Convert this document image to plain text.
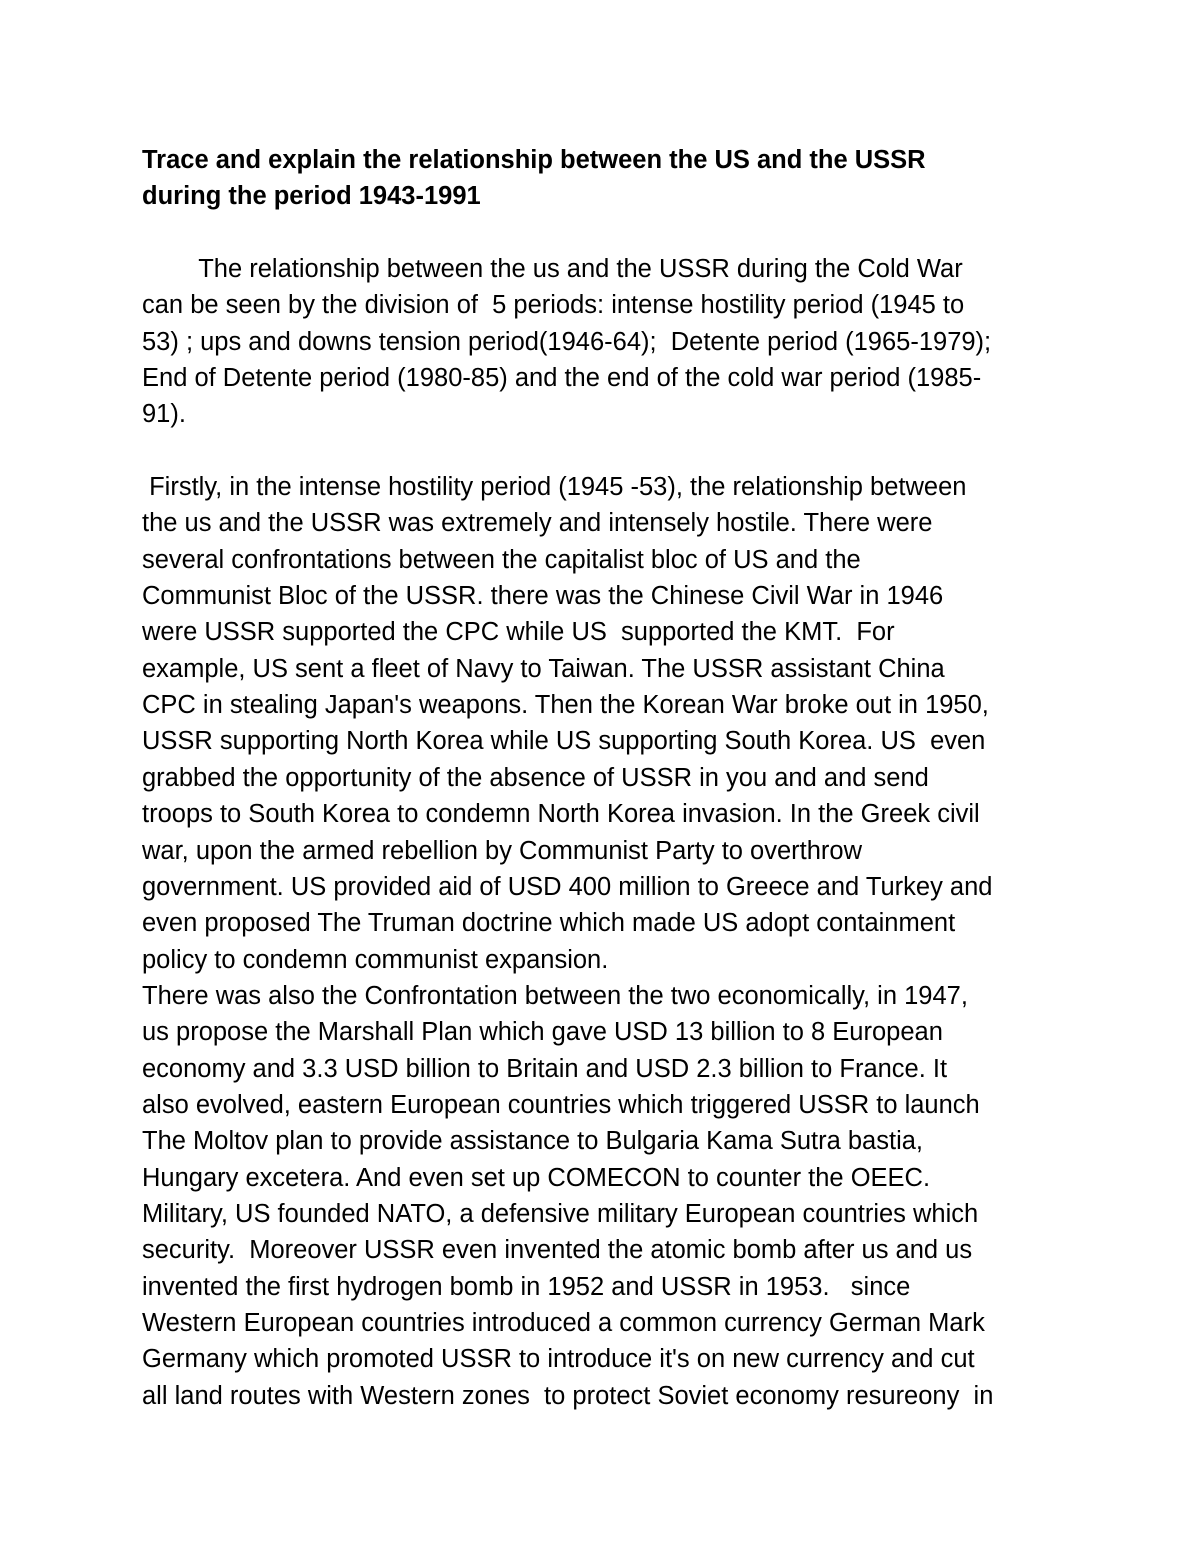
Trace and explain the relationship between the US and the USSR
during the period 1943-1991
The relationship between the us and the USSR during the Cold War
can be seen by the division of  5 periods: intense hostility period (1945 to
53) ; ups and downs tension period(1946-64);  Detente period (1965-1979);
End of Detente period (1980-85) and the end of the cold war period (1985-
91).
Firstly, in the intense hostility period (1945 -53), the relationship between
the us and the USSR was extremely and intensely hostile. There were
several confrontations between the capitalist bloc of US and the
Communist Bloc of the USSR. there was the Chinese Civil War in 1946
were USSR supported the CPC while US  supported the KMT.  For
example, US sent a fleet of Navy to Taiwan. The USSR assistant China
CPC in stealing Japan's weapons. Then the Korean War broke out in 1950,
USSR supporting North Korea while US supporting South Korea. US  even
grabbed the opportunity of the absence of USSR in you and and send
troops to South Korea to condemn North Korea invasion. In the Greek civil
war, upon the armed rebellion by Communist Party to overthrow
government. US provided aid of USD 400 million to Greece and Turkey and
even proposed The Truman doctrine which made US adopt containment
policy to condemn communist expansion.
There was also the Confrontation between the two economically, in 1947,
us propose the Marshall Plan which gave USD 13 billion to 8 European
economy and 3.3 USD billion to Britain and USD 2.3 billion to France. It
also evolved, eastern European countries which triggered USSR to launch
The Moltov plan to provide assistance to Bulgaria Kama Sutra bastia,
Hungary excetera. And even set up COMECON to counter the OEEC.
Military, US founded NATO, a defensive military European countries which
security.  Moreover USSR even invented the atomic bomb after us and us
invented the first hydrogen bomb in 1952 and USSR in 1953.   since
Western European countries introduced a common currency German Mark
Germany which promoted USSR to introduce it's on new currency and cut
all land routes with Western zones  to protect Soviet economy resureony  in
